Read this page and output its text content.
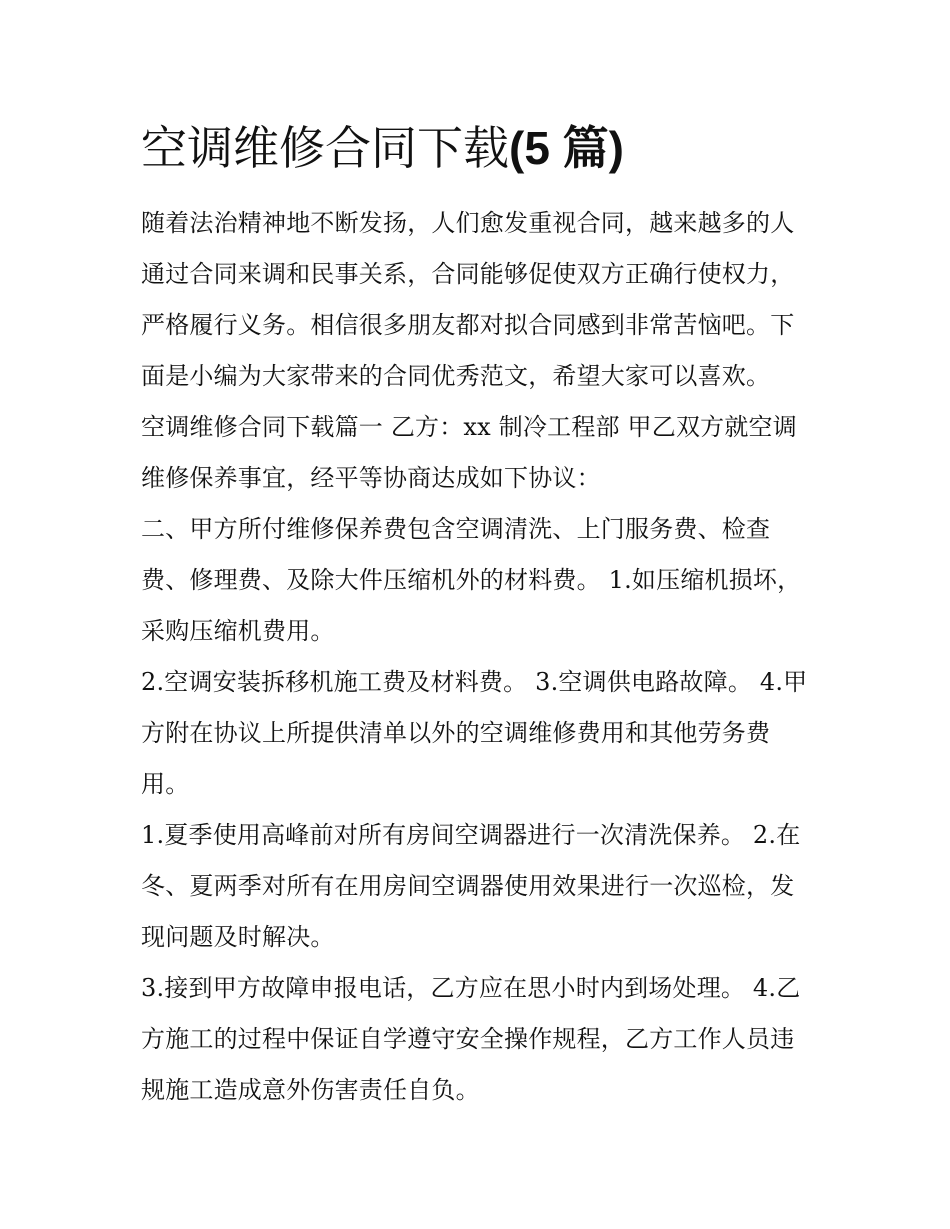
空调维修合同下载(5 篇)

随着法治精神地不断发扬，人们愈发重视合同，越来越多的人通过合同来调和民事关系，合同能够促使双方正确行使权力，严格履行义务。相信很多朋友都对拟合同感到非常苦恼吧。下面是小编为大家带来的合同优秀范文，希望大家可以喜欢。

空调维修合同下载篇一 乙方：xx 制冷工程部 甲乙双方就空调维修保养事宜，经平等协商达成如下协议：

二、甲方所付维修保养费包含空调清洗、上门服务费、检查费、修理费、及除大件压缩机外的材料费。 1.如压缩机损坏，采购压缩机费用。

2.空调安装拆移机施工费及材料费。 3.空调供电路故障。 4.甲方附在协议上所提供清单以外的空调维修费用和其他劳务费用。

1.夏季使用高峰前对所有房间空调器进行一次清洗保养。 2.在冬、夏两季对所有在用房间空调器使用效果进行一次巡检，发现问题及时解决。

3.接到甲方故障申报电话，乙方应在思小时内到场处理。 4.乙方施工的过程中保证自学遵守安全操作规程，乙方工作人员违规施工造成意外伤害责任自负。
